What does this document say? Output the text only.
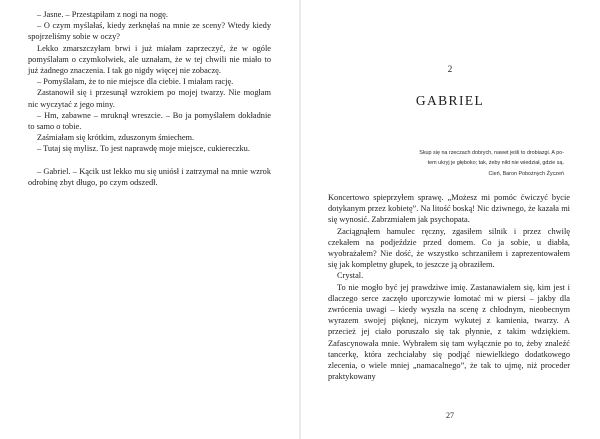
– Jasne. – Przestąpiłam z nogi na nogę.

– O czym myślałaś, kiedy zerknęłaś na mnie ze sceny? Wtedy kiedy spojrzeliśmy sobie w oczy?

Lekko zmarszczyłam brwi i już miałam zaprzeczyć, że w ogóle pomyślałam o czymkolwiek, ale uznałam, że w tej chwili nie miało to już żadnego znaczenia. I tak go nigdy więcej nie zobaczę.

– Pomyślałam, że to nie miejsce dla ciebie. I miałam rację.

Zastanowił się i przesunął wzrokiem po mojej twarzy. Nie mogłam nic wyczytać z jego miny.

– Hm, zabawne – mruknął wreszcie. – Bo ja pomyślałem dokładnie to samo o tobie.

Zaśmiałam się krótkim, zduszonym śmiechem.

– Tutaj się mylisz. To jest naprawdę moje miejsce, cukiereczku.

– Gabriel. – Kącik ust lekko mu się uniósł i zatrzymał na mnie wzrok odrobinę zbyt długo, po czym odszedł.

2
GABRIEL

Skup się na rzeczach dobrych, nawet jeśli to drobiazgi. A po-

tem ukryj je głęboko; tak, żeby nikt nie wiedział, gdzie są.

Cień, Baron Pobożnych Życzeń

Koncertowo spieprzyłem sprawę. „Możesz mi pomóc ćwiczyć bycie dotykanym przez kobietę”. Na litość boską! Nic dziwnego, że kazała mi się wynosić. Zabrzmiałem jak psychopata.

Zaciągnąłem hamulec ręczny, zgasiłem silnik i przez chwilę czekałem na podjeździe przed domem. Co ja sobie, u diabła, wyobrażałem? Nie dość, że wszystko schrzaniłem i zaprezentowałem się jak kompletny głupek, to jeszcze ją obraziłem.

Crystal.

To nie mogło być jej prawdziwe imię. Zastanawiałem się, kim jest i dlaczego serce zaczęło uporczywie łomotać mi w piersi – jakby dla zwrócenia uwagi – kiedy wyszła na scenę z chłodnym, nieobecnym wyrazem swojej pięknej, niczym wykutej z kamienia, twarzy. A przecież jej ciało poruszało się tak płynnie, z takim wdziękiem. Zafascynowała mnie. Wybrałem się tam wyłącznie po to, żeby znaleźć tancerkę, która zechciałaby się podjąć niewielkiego dodatkowego zlecenia, o wiele mniej „namacalnego”, że tak to ujmę, niż proceder praktykowany

27
